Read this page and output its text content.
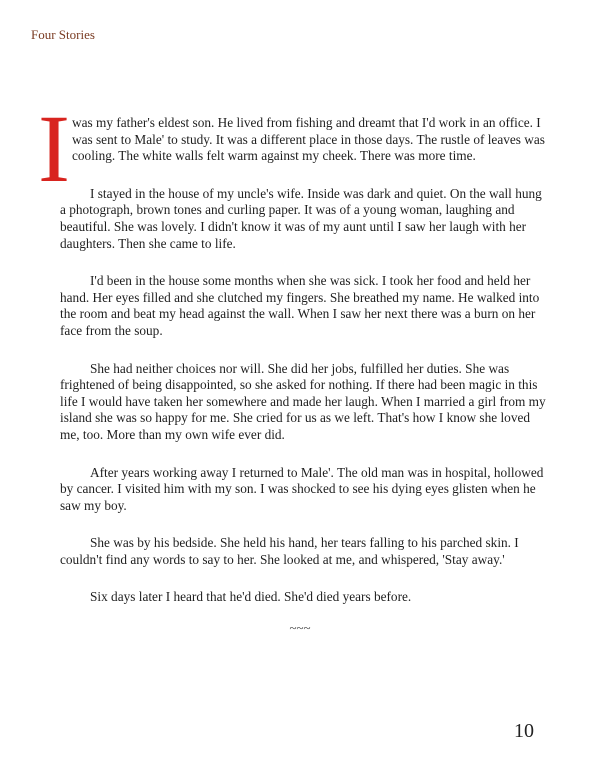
Four Stories
I was my father's eldest son. He lived from fishing and dreamt that I'd work in an office. I was sent to Male' to study. It was a different place in those days. The rustle of leaves was cooling. The white walls felt warm against my cheek. There was more time.

I stayed in the house of my uncle's wife. Inside was dark and quiet. On the wall hung a photograph, brown tones and curling paper. It was of a young woman, laughing and beautiful. She was lovely. I didn't know it was of my aunt until I saw her laugh with her daughters. Then she came to life.

I'd been in the house some months when she was sick. I took her food and held her hand. Her eyes filled and she clutched my fingers. She breathed my name. He walked into the room and beat my head against the wall. When I saw her next there was a burn on her face from the soup.

She had neither choices nor will. She did her jobs, fulfilled her duties. She was frightened of being disappointed, so she asked for nothing. If there had been magic in this life I would have taken her somewhere and made her laugh. When I married a girl from my island she was so happy for me. She cried for us as we left. That's how I know she loved me, too. More than my own wife ever did.

After years working away I returned to Male'. The old man was in hospital, hollowed by cancer. I visited him with my son. I was shocked to see his dying eyes glisten when he saw my boy.

She was by his bedside. She held his hand, her tears falling to his parched skin. I couldn't find any words to say to her. She looked at me, and whispered, 'Stay away.'

Six days later I heard that he'd died. She'd died years before.

~~~
10
